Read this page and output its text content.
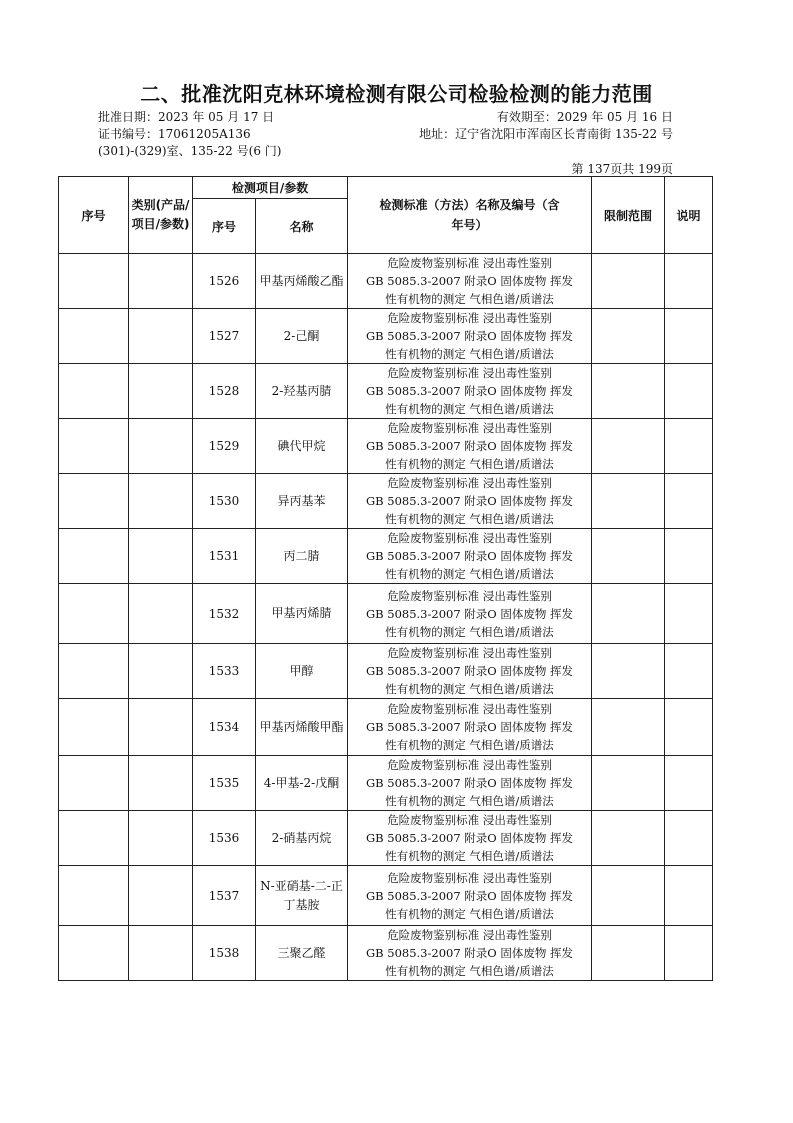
二、批准沈阳克林环境检测有限公司检验检测的能力范围
批准日期：2023 年 05 月 17 日	有效期至：2029 年 05 月 16 日
证书编号：17061205A136	地址：辽宁省沈阳市浑南区长青南街 135-22 号
(301)-(329)室、135-22 号(6 门)
第 137页共 199页
序号	类别(产品/项目/参数)	检测项目/参数		检测标准（方法）名称及编号（含年号）	限制范围	说明
		序号	名称			
		1526	甲基丙烯酸乙酯	危险废物鉴别标准 浸出毒性鉴别
GB 5085.3-2007 附录O 固体废物 挥发
性有机物的测定 气相色谱/质谱法		

		1527	2-己酮	危险废物鉴别标准 浸出毒性鉴别
GB 5085.3-2007 附录O 固体废物 挥发
性有机物的测定 气相色谱/质谱法		

		1528	2-羟基丙腈	危险废物鉴别标准 浸出毒性鉴别
GB 5085.3-2007 附录O 固体废物 挥发
性有机物的测定 气相色谱/质谱法		

		1529	碘代甲烷	危险废物鉴别标准 浸出毒性鉴别
GB 5085.3-2007 附录O 固体废物 挥发
性有机物的测定 气相色谱/质谱法		

		1530	异丙基苯	危险废物鉴别标准 浸出毒性鉴别
GB 5085.3-2007 附录O 固体废物 挥发
性有机物的测定 气相色谱/质谱法		

		1531	丙二腈	危险废物鉴别标准 浸出毒性鉴别
GB 5085.3-2007 附录O 固体废物 挥发
性有机物的测定 气相色谱/质谱法		

		1532	甲基丙烯腈	危险废物鉴别标准 浸出毒性鉴别
GB 5085.3-2007 附录O 固体废物 挥发
性有机物的测定 气相色谱/质谱法		

		1533	甲醇	危险废物鉴别标准 浸出毒性鉴别
GB 5085.3-2007 附录O 固体废物 挥发
性有机物的测定 气相色谱/质谱法		

		1534	甲基丙烯酸甲酯	危险废物鉴别标准 浸出毒性鉴别
GB 5085.3-2007 附录O 固体废物 挥发
性有机物的测定 气相色谱/质谱法		

		1535	4-甲基-2-戊酮	危险废物鉴别标准 浸出毒性鉴别
GB 5085.3-2007 附录O 固体废物 挥发
性有机物的测定 气相色谱/质谱法		

		1536	2-硝基丙烷	危险废物鉴别标准 浸出毒性鉴别
GB 5085.3-2007 附录O 固体废物 挥发
性有机物的测定 气相色谱/质谱法		

		1537	N-亚硝基-二-正丁基胺	危险废物鉴别标准 浸出毒性鉴别
GB 5085.3-2007 附录O 固体废物 挥发
性有机物的测定 气相色谱/质谱法		

		1538	三聚乙醛	危险废物鉴别标准 浸出毒性鉴别
GB 5085.3-2007 附录O 固体废物 挥发
性有机物的测定 气相色谱/质谱法		
